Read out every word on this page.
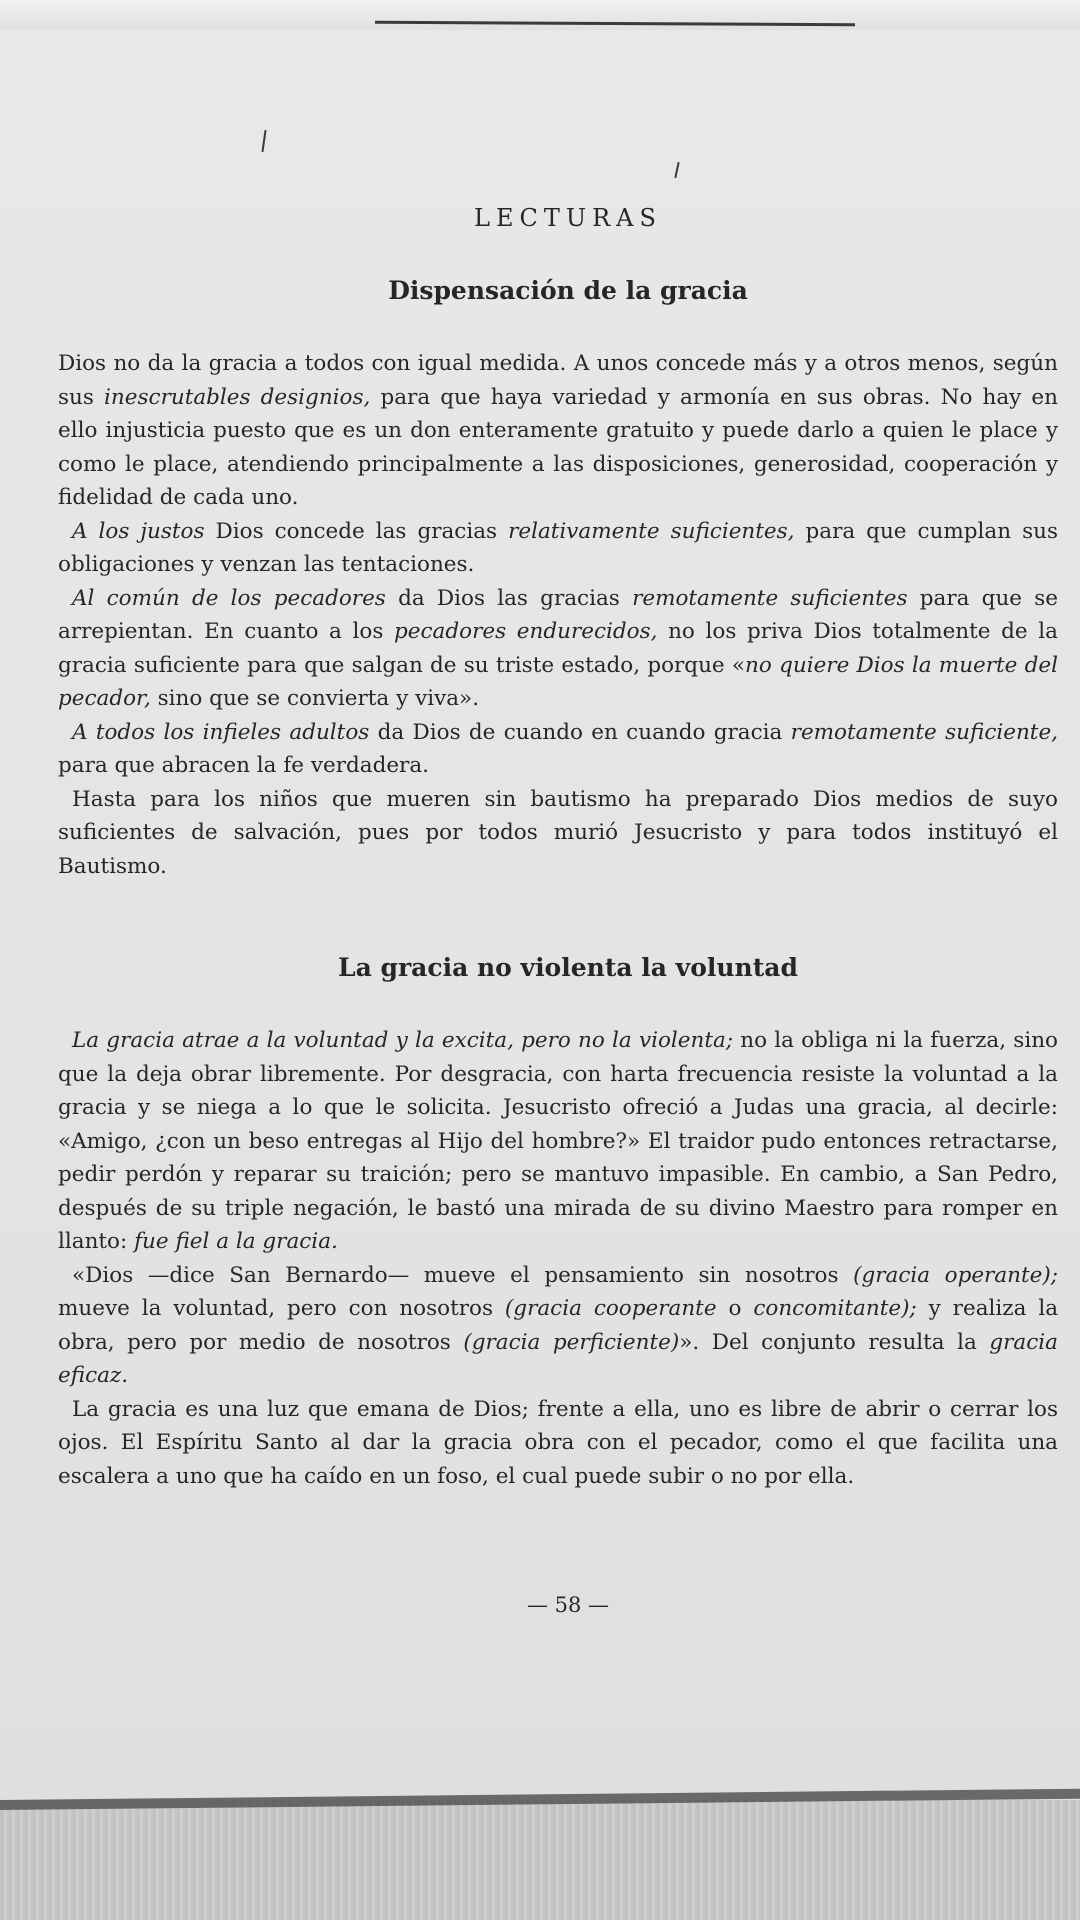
LECTURAS
Dispensación de la gracia

Dios no da la gracia a todos con igual medida. A unos concede más y a otros menos, según sus inescrutables designios, para que haya variedad y armonía en sus obras. No hay en ello injusticia puesto que es un don enteramente gratuito y puede darlo a quien le place y como le place, atendiendo principalmente a las disposiciones, generosidad, cooperación y fidelidad de cada uno.

A los justos Dios concede las gracias relativamente suficientes, para que cumplan sus obligaciones y venzan las tentaciones.

Al común de los pecadores da Dios las gracias remotamente suficientes para que se arrepientan. En cuanto a los pecadores endurecidos, no los priva Dios totalmente de la gracia suficiente para que salgan de su triste estado, porque «no quiere Dios la muerte del pecador, sino que se convierta y viva».

A todos los infieles adultos da Dios de cuando en cuando gracia remotamente suficiente, para que abracen la fe verdadera.

Hasta para los niños que mueren sin bautismo ha preparado Dios medios de suyo suficientes de salvación, pues por todos murió Jesucristo y para todos instituyó el Bautismo.

La gracia no violenta la voluntad

La gracia atrae a la voluntad y la excita, pero no la violenta; no la obliga ni la fuerza, sino que la deja obrar libremente. Por desgracia, con harta frecuencia resiste la voluntad a la gracia y se niega a lo que le solicita. Jesucristo ofreció a Judas una gracia, al decirle: «Amigo, ¿con un beso entregas al Hijo del hombre?» El traidor pudo entonces retractarse, pedir perdón y reparar su traición; pero se mantuvo impasible. En cambio, a San Pedro, después de su triple negación, le bastó una mirada de su divino Maestro para romper en llanto: fue fiel a la gracia.

«Dios —dice San Bernardo— mueve el pensamiento sin nosotros (gracia operante); mueve la voluntad, pero con nosotros (gracia cooperante o concomitante); y realiza la obra, pero por medio de nosotros (gracia perficiente)». Del conjunto resulta la gracia eficaz.

La gracia es una luz que emana de Dios; frente a ella, uno es libre de abrir o cerrar los ojos. El Espíritu Santo al dar la gracia obra con el pecador, como el que facilita una escalera a uno que ha caído en un foso, el cual puede subir o no por ella.

— 58 —
